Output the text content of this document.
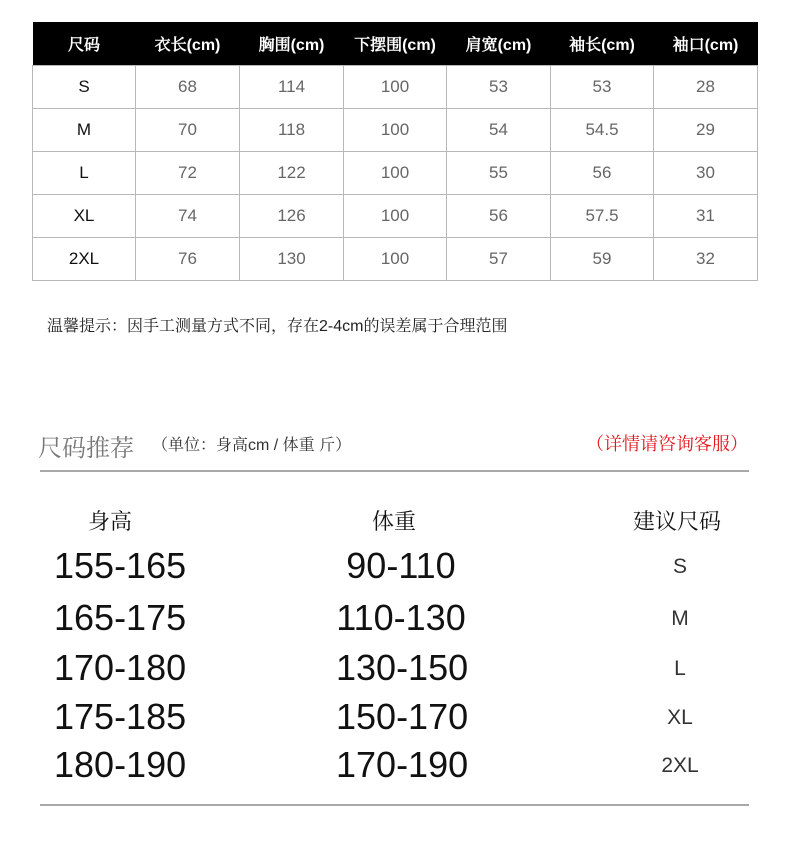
尺码	衣长(cm)	胸围(cm)	下摆围(cm)	肩宽(cm)	袖长(cm)	袖口(cm)
S	68	114	100	53	53	28
M	70	118	100	54	54.5	29
L	72	122	100	55	56	30
XL	74	126	100	56	57.5	31
2XL	76	130	100	57	59	32
温馨提示：因手工测量方式不同，存在2-4cm的误差属于合理范围
尺码推荐 （单位：身高cm / 体重 斤）	（详情请咨询客服）
身高	体重	建议尺码
155-165	90-110	S
165-175	110-130	M
170-180	130-150	L
175-185	150-170	XL
180-190	170-190	2XL
